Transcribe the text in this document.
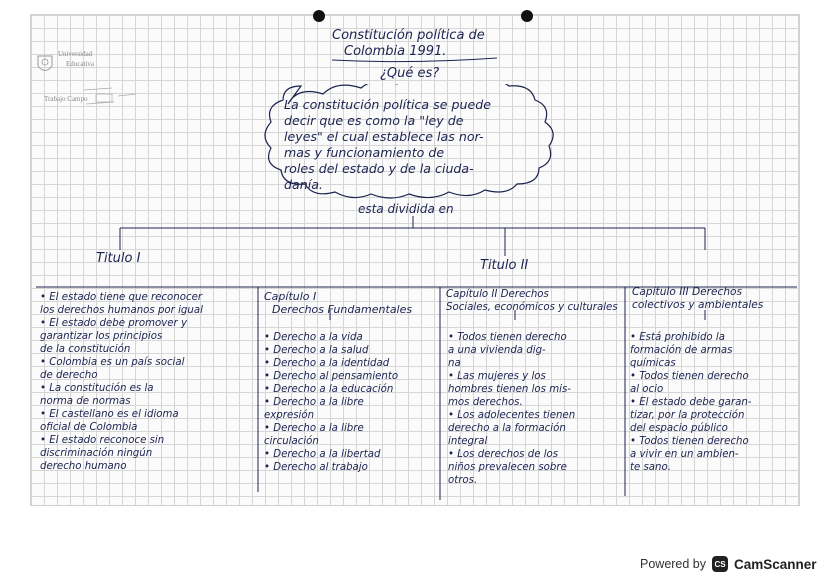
Universidad
Educativa
Trabajo Campo
Constitución política de
Colombia 1991.
¿Qué es?
La constitución política se puede
decir que es como la "ley de
leyes" el cual establece las nor-
mas y funcionamiento de
roles del estado y de la ciuda-
danía.
esta dividida en
Titulo I	Titulo II
• El estado tiene que reconocer
los derechos humanos por igual
• El estado debe promover y
garantizar los principios
de la constitución
• Colombia es un país social
de derecho
• La constitución es la
norma de normas
• El castellano es el idioma
oficial de Colombia
• El estado reconoce sin
discriminación ningún
derecho humano
Capítulo I
Derechos Fundamentales
• Derecho a la vida
• Derecho a la salud
• Derecho a la identidad
• Derecho al pensamiento
• Derecho a la educación
• Derecho a la libre
expresión
• Derecho a la libre
circulación
• Derecho a la libertad
• Derecho al trabajo
Capítulo II Derechos
Sociales, económicos y culturales
• Todos tienen derecho
a una vivienda dig-
na
• Las mujeres y los
hombres tienen los mis-
mos derechos.
• Los adolecentes tienen
derecho a la formación
integral
• Los derechos de los
niños prevalecen sobre
otros.
Capítulo III Derechos
colectivos y ambientales
• Está prohibido la
formación de armas
químicas
• Todos tienen derecho
al ocio
• El estado debe garan-
tizar, por la protección
del espacio público
• Todos tienen derecho
a vivir en un ambien-
te sano.
Powered by	CS CamScanner
